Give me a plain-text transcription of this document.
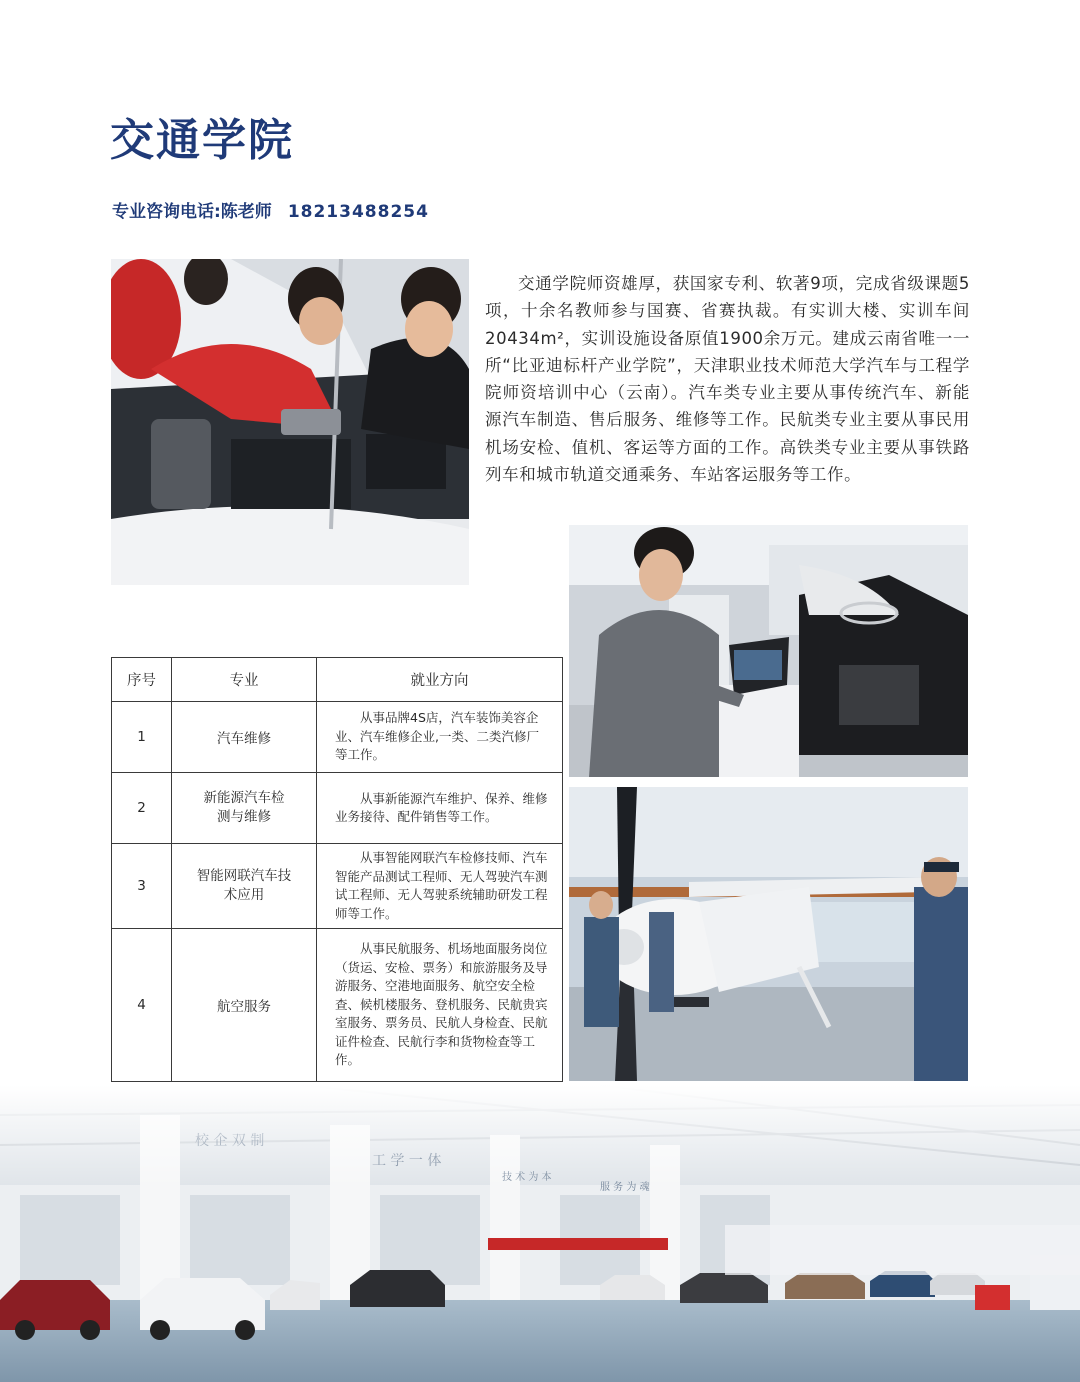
交通学院
专业咨询电话:陈老师 18213488254
交通学院师资雄厚，获国家专利、软著9项，完成省级课题5项，十余名教师参与国赛、省赛执裁。有实训大楼、实训车间20434m²，实训设施设备原值1900余万元。建成云南省唯一一所“比亚迪标杆产业学院”，天津职业技术师范大学汽车与工程学院师资培训中心（云南）。汽车类专业主要从事传统汽车、新能源汽车制造、售后服务、维修等工作。民航类专业主要从事民用机场安检、值机、客运等方面的工作。高铁类专业主要从事铁路列车和城市轨道交通乘务、车站客运服务等工作。
序号	专业	就业方向
1	汽车维修	从事品牌4S店，汽车装饰美容企业、汽车维修企业,一类、二类汽修厂等工作。
2	新能源汽车检测与维修	从事新能源汽车维护、保养、维修业务接待、配件销售等工作。
3	智能网联汽车技术应用	从事智能网联汽车检修技师、汽车智能产品测试工程师、无人驾驶汽车测试工程师、无人驾驶系统辅助研发工程师等工作。
4	航空服务	从事民航服务、机场地面服务岗位（货运、安检、票务）和旅游服务及导游服务、空港地面服务、航空安全检查、候机楼服务、登机服务、民航贵宾室服务、票务员、民航人身检查、民航证件检查、民航行李和货物检查等工作。
